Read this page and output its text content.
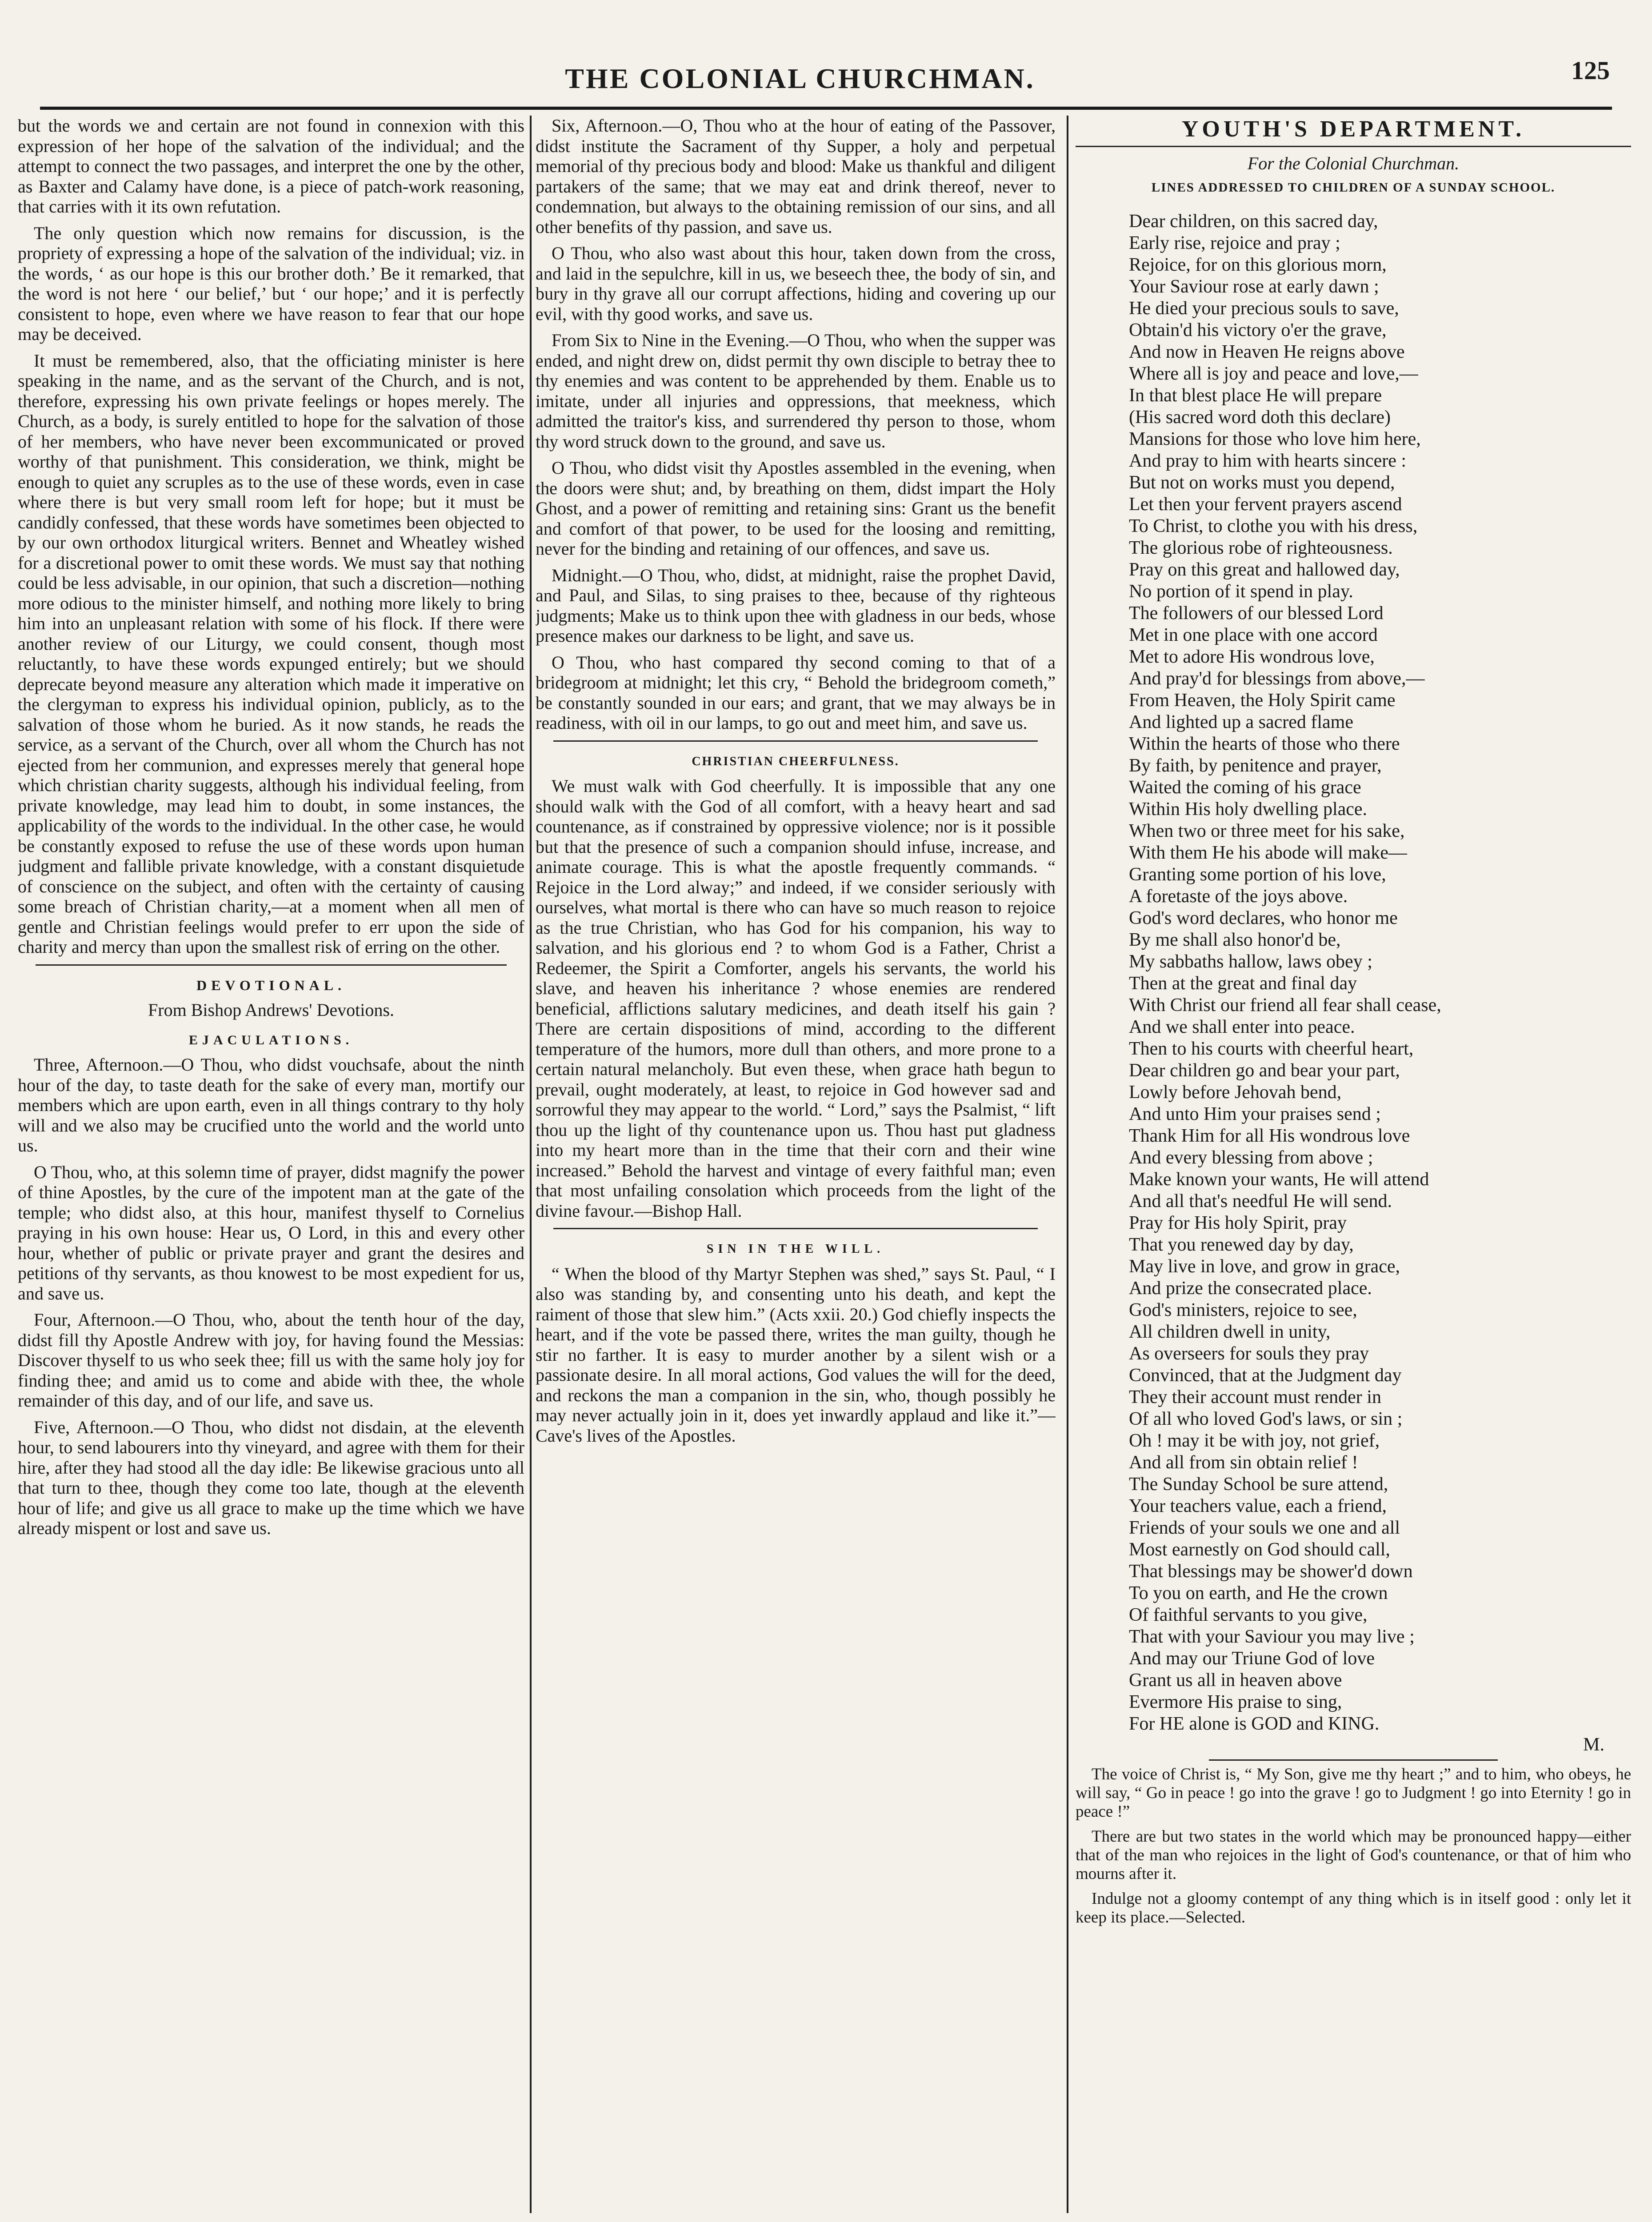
THE COLONIAL CHURCHMAN.	125

but the words we and certain are not found in connexion with this expression of her hope of the salvation of the individual; and the attempt to connect the two passages, and interpret the one by the other, as Baxter and Calamy have done, is a piece of patch-work reasoning, that carries with it its own refutation.

The only question which now remains for discussion, is the propriety of expressing a hope of the salvation of the individual; viz. in the words, ‘ as our hope is this our brother doth.’ Be it remarked, that the word is not here ‘ our belief,’ but ‘ our hope;’ and it is perfectly consistent to hope, even where we have reason to fear that our hope may be deceived.

It must be remembered, also, that the officiating minister is here speaking in the name, and as the servant of the Church, and is not, therefore, expressing his own private feelings or hopes merely. The Church, as a body, is surely entitled to hope for the salvation of those of her members, who have never been excommunicated or proved worthy of that punishment. This consideration, we think, might be enough to quiet any scruples as to the use of these words, even in case where there is but very small room left for hope; but it must be candidly confessed, that these words have sometimes been objected to by our own orthodox liturgical writers. Bennet and Wheatley wished for a discretional power to omit these words. We must say that nothing could be less advisable, in our opinion, that such a discretion—nothing more odious to the minister himself, and nothing more likely to bring him into an unpleasant relation with some of his flock. If there were another review of our Liturgy, we could consent, though most reluctantly, to have these words expunged entirely; but we should deprecate beyond measure any alteration which made it imperative on the clergyman to express his individual opinion, publicly, as to the salvation of those whom he buried. As it now stands, he reads the service, as a servant of the Church, over all whom the Church has not ejected from her communion, and expresses merely that general hope which christian charity suggests, although his individual feeling, from private knowledge, may lead him to doubt, in some instances, the applicability of the words to the individual. In the other case, he would be constantly exposed to refuse the use of these words upon human judgment and fallible private knowledge, with a constant disquietude of conscience on the subject, and often with the certainty of causing some breach of Christian charity,—at a moment when all men of gentle and Christian feelings would prefer to err upon the side of charity and mercy than upon the smallest risk of erring on the other.

DEVOTIONAL.
From Bishop Andrews' Devotions.
EJACULATIONS.

Three, Afternoon.—O Thou, who didst vouchsafe, about the ninth hour of the day, to taste death for the sake of every man, mortify our members which are upon earth, even in all things contrary to thy holy will and we also may be crucified unto the world and the world unto us.

O Thou, who, at this solemn time of prayer, didst magnify the power of thine Apostles, by the cure of the impotent man at the gate of the temple; who didst also, at this hour, manifest thyself to Cornelius praying in his own house: Hear us, O Lord, in this and every other hour, whether of public or private prayer and grant the desires and petitions of thy servants, as thou knowest to be most expedient for us, and save us.

Four, Afternoon.—O Thou, who, about the tenth hour of the day, didst fill thy Apostle Andrew with joy, for having found the Messias: Discover thyself to us who seek thee; fill us with the same holy joy for finding thee; and amid us to come and abide with thee, the whole remainder of this day, and of our life, and save us.

Five, Afternoon.—O Thou, who didst not disdain, at the eleventh hour, to send labourers into thy vineyard, and agree with them for their hire, after they had stood all the day idle: Be likewise gracious unto all that turn to thee, though they come too late, though at the eleventh hour of life; and give us all grace to make up the time which we have already mispent or lost and save us.

Six, Afternoon.—O, Thou who at the hour of eating of the Passover, didst institute the Sacrament of thy Supper, a holy and perpetual memorial of thy precious body and blood: Make us thankful and diligent partakers of the same; that we may eat and drink thereof, never to condemnation, but always to the obtaining remission of our sins, and all other benefits of thy passion, and save us.

O Thou, who also wast about this hour, taken down from the cross, and laid in the sepulchre, kill in us, we beseech thee, the body of sin, and bury in thy grave all our corrupt affections, hiding and covering up our evil, with thy good works, and save us.

From Six to Nine in the Evening.—O Thou, who when the supper was ended, and night drew on, didst permit thy own disciple to betray thee to thy enemies and was content to be apprehended by them. Enable us to imitate, under all injuries and oppressions, that meekness, which admitted the traitor's kiss, and surrendered thy person to those, whom thy word struck down to the ground, and save us.

O Thou, who didst visit thy Apostles assembled in the evening, when the doors were shut; and, by breathing on them, didst impart the Holy Ghost, and a power of remitting and retaining sins: Grant us the benefit and comfort of that power, to be used for the loosing and remitting, never for the binding and retaining of our offences, and save us.

Midnight.—O Thou, who, didst, at midnight, raise the prophet David, and Paul, and Silas, to sing praises to thee, because of thy righteous judgments; Make us to think upon thee with gladness in our beds, whose presence makes our darkness to be light, and save us.

O Thou, who hast compared thy second coming to that of a bridegroom at midnight; let this cry, “ Behold the bridegroom cometh,” be constantly sounded in our ears; and grant, that we may always be in readiness, with oil in our lamps, to go out and meet him, and save us.

CHRISTIAN CHEERFULNESS.

We must walk with God cheerfully. It is impossible that any one should walk with the God of all comfort, with a heavy heart and sad countenance, as if constrained by oppressive violence; nor is it possible but that the presence of such a companion should infuse, increase, and animate courage. This is what the apostle frequently commands. “ Rejoice in the Lord alway;” and indeed, if we consider seriously with ourselves, what mortal is there who can have so much reason to rejoice as the true Christian, who has God for his companion, his way to salvation, and his glorious end ? to whom God is a Father, Christ a Redeemer, the Spirit a Comforter, angels his servants, the world his slave, and heaven his inheritance ? whose enemies are rendered beneficial, afflictions salutary medicines, and death itself his gain ? There are certain dispositions of mind, according to the different temperature of the humors, more dull than others, and more prone to a certain natural melancholy. But even these, when grace hath begun to prevail, ought moderately, at least, to rejoice in God however sad and sorrowful they may appear to the world. “ Lord,” says the Psalmist, “ lift thou up the light of thy countenance upon us. Thou hast put gladness into my heart more than in the time that their corn and their wine increased.” Behold the harvest and vintage of every faithful man; even that most unfailing consolation which proceeds from the light of the divine favour.—Bishop Hall.

SIN IN THE WILL.

“ When the blood of thy Martyr Stephen was shed,” says St. Paul, “ I also was standing by, and consenting unto his death, and kept the raiment of those that slew him.” (Acts xxii. 20.) God chiefly inspects the heart, and if the vote be passed there, writes the man guilty, though he stir no farther. It is easy to murder another by a silent wish or a passionate desire. In all moral actions, God values the will for the deed, and reckons the man a companion in the sin, who, though possibly he may never actually join in it, does yet inwardly applaud and like it.”—Cave's lives of the Apostles.

YOUTH'S DEPARTMENT.
For the Colonial Churchman.
LINES ADDRESSED TO CHILDREN OF A SUNDAY SCHOOL.
Dear children, on this sacred day,
Early rise, rejoice and pray ;
Rejoice, for on this glorious morn,
Your Saviour rose at early dawn ;
He died your precious souls to save,
Obtain'd his victory o'er the grave,
And now in Heaven He reigns above
Where all is joy and peace and love,—
In that blest place He will prepare
(His sacred word doth this declare)
Mansions for those who love him here,
And pray to him with hearts sincere :
But not on works must you depend,
Let then your fervent prayers ascend
To Christ, to clothe you with his dress,
The glorious robe of righteousness.
Pray on this great and hallowed day,
No portion of it spend in play.
The followers of our blessed Lord
Met in one place with one accord
Met to adore His wondrous love,
And pray'd for blessings from above,—
From Heaven, the Holy Spirit came
And lighted up a sacred flame
Within the hearts of those who there
By faith, by penitence and prayer,
Waited the coming of his grace
Within His holy dwelling place.
When two or three meet for his sake,
With them He his abode will make—
Granting some portion of his love,
A foretaste of the joys above.
God's word declares, who honor me
By me shall also honor'd be,
My sabbaths hallow, laws obey ;
Then at the great and final day
With Christ our friend all fear shall cease,
And we shall enter into peace.
Then to his courts with cheerful heart,
Dear children go and bear your part,
Lowly before Jehovah bend,
And unto Him your praises send ;
Thank Him for all His wondrous love
And every blessing from above ;
Make known your wants, He will attend
And all that's needful He will send.
Pray for His holy Spirit, pray
That you renewed day by day,
May live in love, and grow in grace,
And prize the consecrated place.
God's ministers, rejoice to see,
All children dwell in unity,
As overseers for souls they pray
Convinced, that at the Judgment day
They their account must render in
Of all who loved God's laws, or sin ;
Oh ! may it be with joy, not grief,
And all from sin obtain relief !
The Sunday School be sure attend,
Your teachers value, each a friend,
Friends of your souls we one and all
Most earnestly on God should call,
That blessings may be shower'd down
To you on earth, and He the crown
Of faithful servants to you give,
That with your Saviour you may live ;
And may our Triune God of love
Grant us all in heaven above
Evermore His praise to sing,
For HE alone is GOD and KING.
M.

The voice of Christ is, “ My Son, give me thy heart ;” and to him, who obeys, he will say, “ Go in peace ! go into the grave ! go to Judgment ! go into Eternity ! go in peace !”

There are but two states in the world which may be pronounced happy—either that of the man who rejoices in the light of God's countenance, or that of him who mourns after it.

Indulge not a gloomy contempt of any thing which is in itself good : only let it keep its place.—Selected.
